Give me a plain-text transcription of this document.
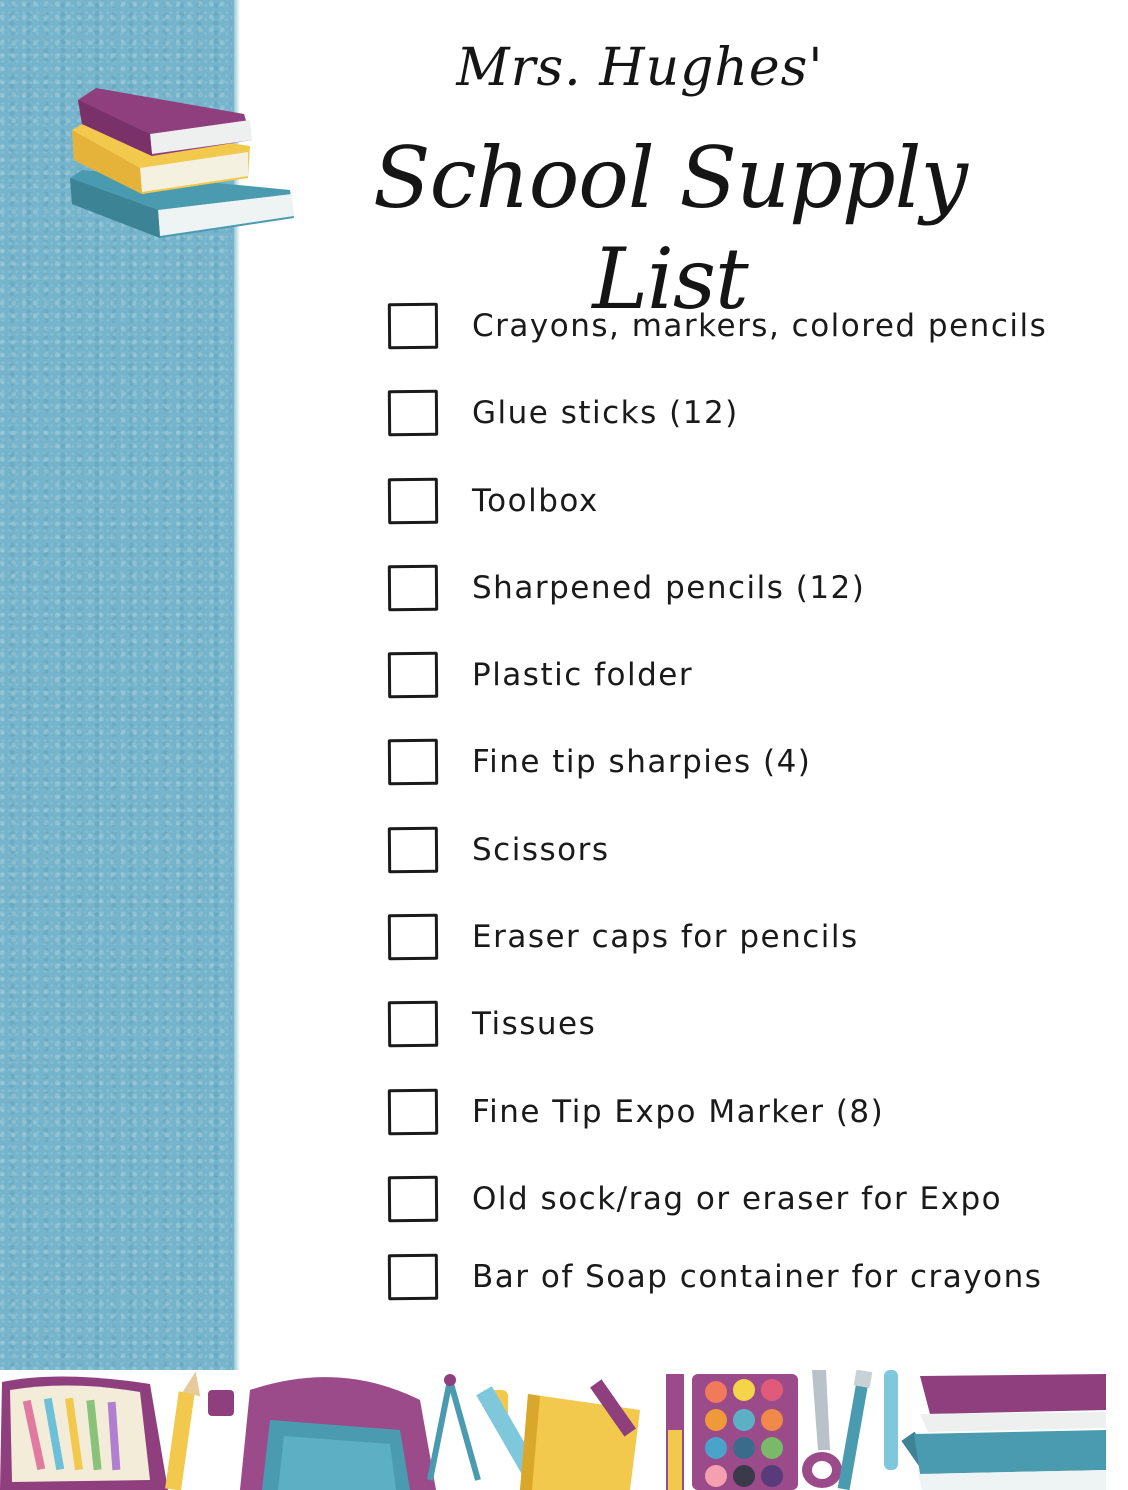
Mrs. Hughes'
School Supply List
Crayons, markers, colored pencils
Glue sticks (12)
Toolbox
Sharpened pencils (12)
Plastic folder
Fine tip sharpies (4)
Scissors
Eraser caps for pencils
Tissues
Fine Tip Expo Marker (8)
Old sock/rag or eraser for Expo
Bar of Soap container for crayons
